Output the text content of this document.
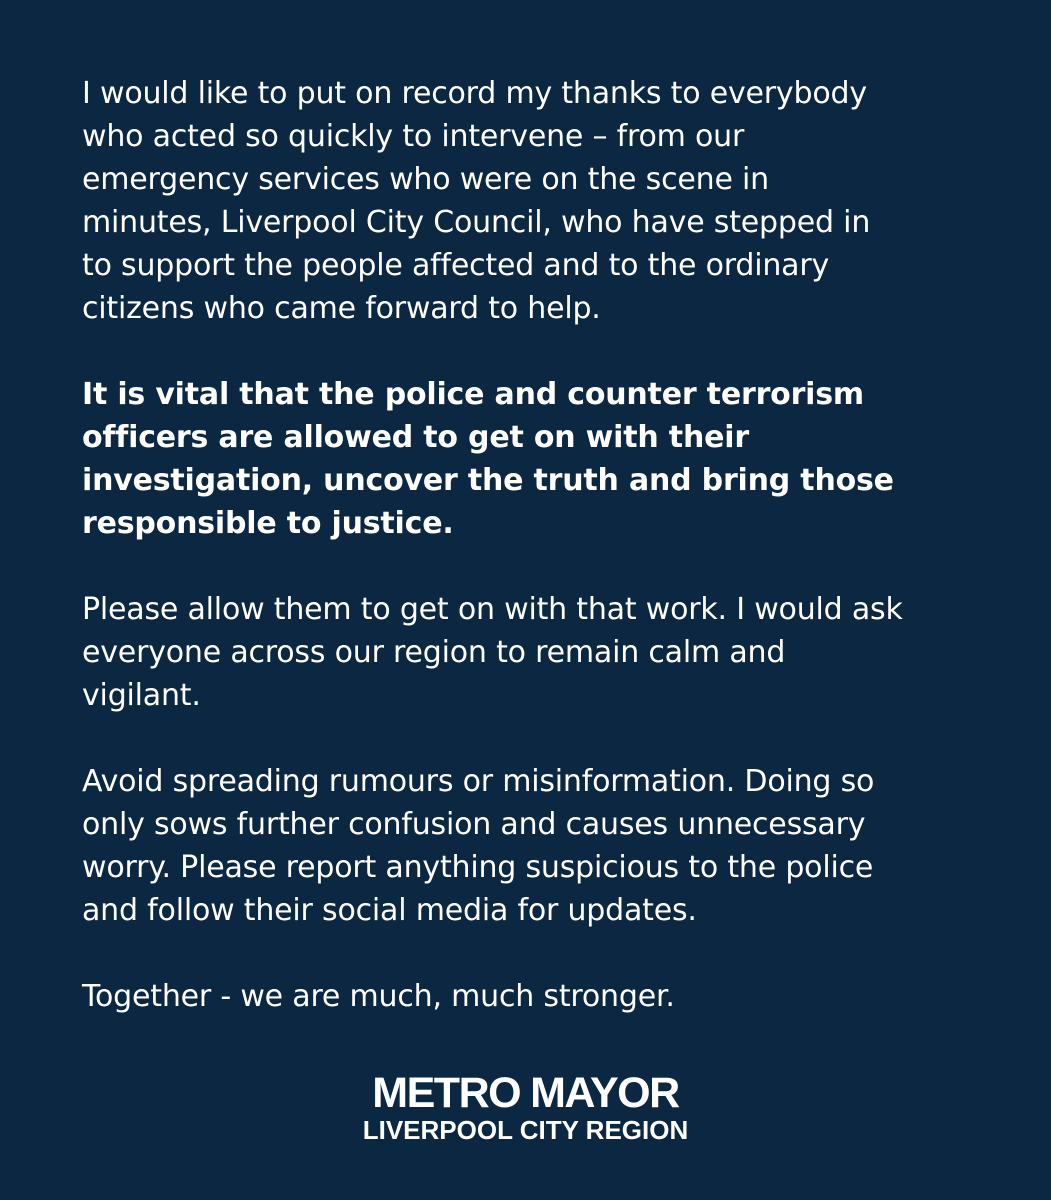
I would like to put on record my thanks to everybody
who acted so quickly to intervene – from our
emergency services who were on the scene in
minutes, Liverpool City Council, who have stepped in
to support the people affected and to the ordinary
citizens who came forward to help.

It is vital that the police and counter terrorism
officers are allowed to get on with their
investigation, uncover the truth and bring those
responsible to justice.

Please allow them to get on with that work. I would ask
everyone across our region to remain calm and
vigilant.

Avoid spreading rumours or misinformation. Doing so
only sows further confusion and causes unnecessary
worry. Please report anything suspicious to the police
and follow their social media for updates.

Together - we are much, much stronger.

METRO MAYOR
LIVERPOOL CITY REGION
